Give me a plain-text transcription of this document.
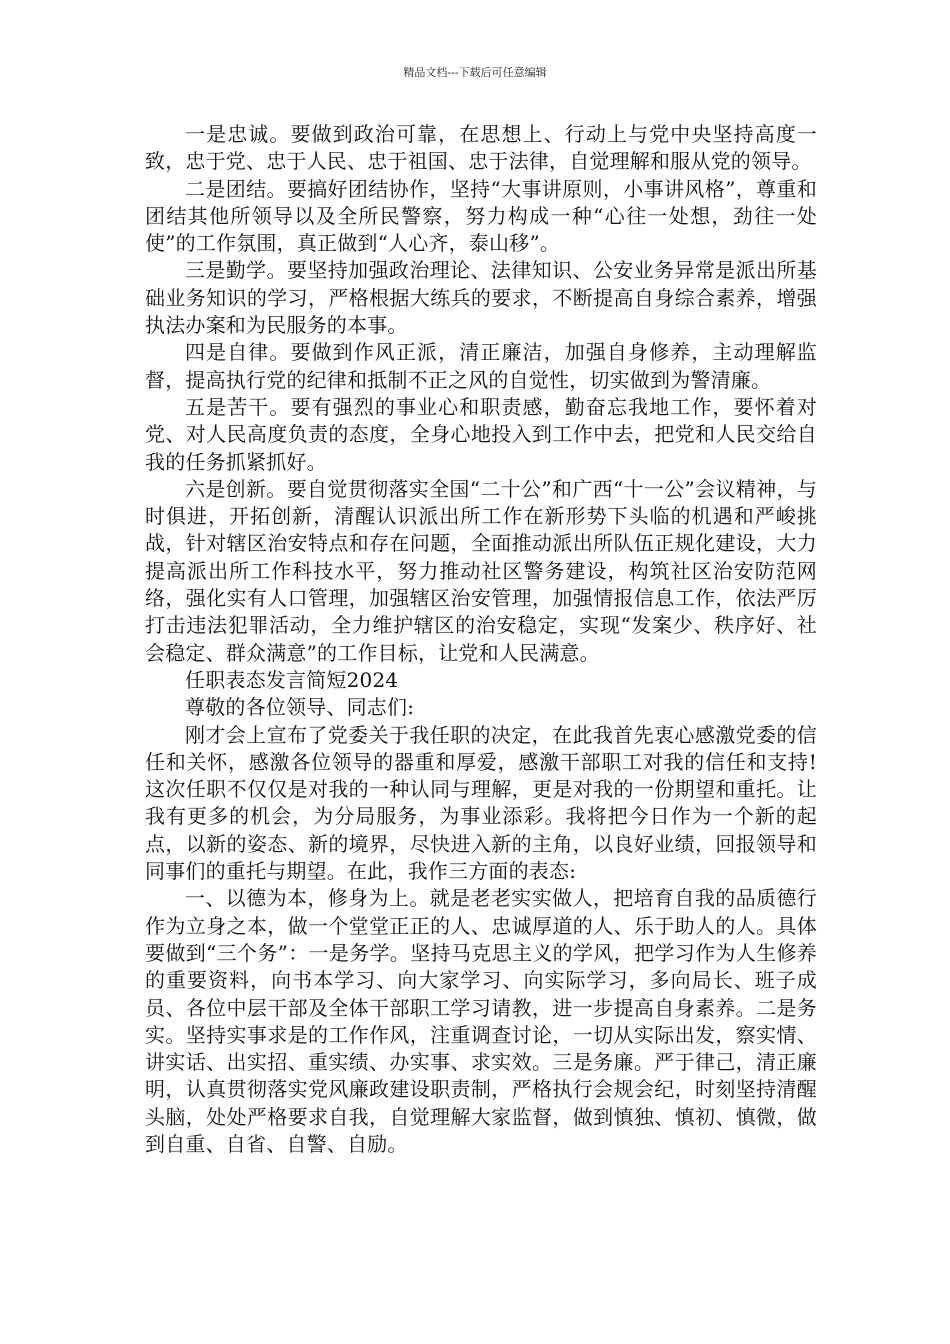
精品文档---下载后可任意编辑

一是忠诚。要做到政治可靠，在思想上、行动上与党中央坚持高度一致，忠于党、忠于人民、忠于祖国、忠于法律，自觉理解和服从党的领导。

二是团结。要搞好团结协作，坚持“大事讲原则，小事讲风格”，尊重和团结其他所领导以及全所民警察，努力构成一种“心往一处想，劲往一处使”的工作氛围，真正做到“人心齐，泰山移”。

三是勤学。要坚持加强政治理论、法律知识、公安业务异常是派出所基础业务知识的学习，严格根据大练兵的要求，不断提高自身综合素养，增强执法办案和为民服务的本事。

四是自律。要做到作风正派，清正廉洁，加强自身修养，主动理解监督，提高执行党的纪律和抵制不正之风的自觉性，切实做到为警清廉。

五是苦干。要有强烈的事业心和职责感，勤奋忘我地工作，要怀着对党、对人民高度负责的态度，全身心地投入到工作中去，把党和人民交给自我的任务抓紧抓好。

六是创新。要自觉贯彻落实全国“二十公”和广西“十一公”会议精神，与时俱进，开拓创新，清醒认识派出所工作在新形势下头临的机遇和严峻挑战，针对辖区治安特点和存在问题，全面推动派出所队伍正规化建设，大力提高派出所工作科技水平，努力推动社区警务建设，构筑社区治安防范网络，强化实有人口管理，加强辖区治安管理，加强情报信息工作，依法严厉打击违法犯罪活动，全力维护辖区的治安稳定，实现“发案少、秩序好、社会稳定、群众满意”的工作目标，让党和人民满意。

任职表态发言简短2024

尊敬的各位领导、同志们:

刚才会上宣布了党委关于我任职的决定，在此我首先衷心感激党委的信任和关怀，感激各位领导的器重和厚爱，感激干部职工对我的信任和支持!这次任职不仅仅是对我的一种认同与理解，更是对我的一份期望和重托。让我有更多的机会，为分局服务，为事业添彩。我将把今日作为一个新的起点，以新的姿态、新的境界，尽快进入新的主角，以良好业绩，回报领导和同事们的重托与期望。在此，我作三方面的表态:

一、以德为本，修身为上。就是老老实实做人，把培育自我的品质德行作为立身之本，做一个堂堂正正的人、忠诚厚道的人、乐于助人的人。具体要做到“三个务”：一是务学。坚持马克思主义的学风，把学习作为人生修养的重要资料，向书本学习、向大家学习、向实际学习，多向局长、班子成员、各位中层干部及全体干部职工学习请教，进一步提高自身素养。二是务实。坚持实事求是的工作作风，注重调查讨论，一切从实际出发，察实情、讲实话、出实招、重实绩、办实事、求实效。三是务廉。严于律己，清正廉明，认真贯彻落实党风廉政建设职责制，严格执行会规会纪，时刻坚持清醒头脑，处处严格要求自我，自觉理解大家监督，做到慎独、慎初、慎微，做到自重、自省、自警、自励。
